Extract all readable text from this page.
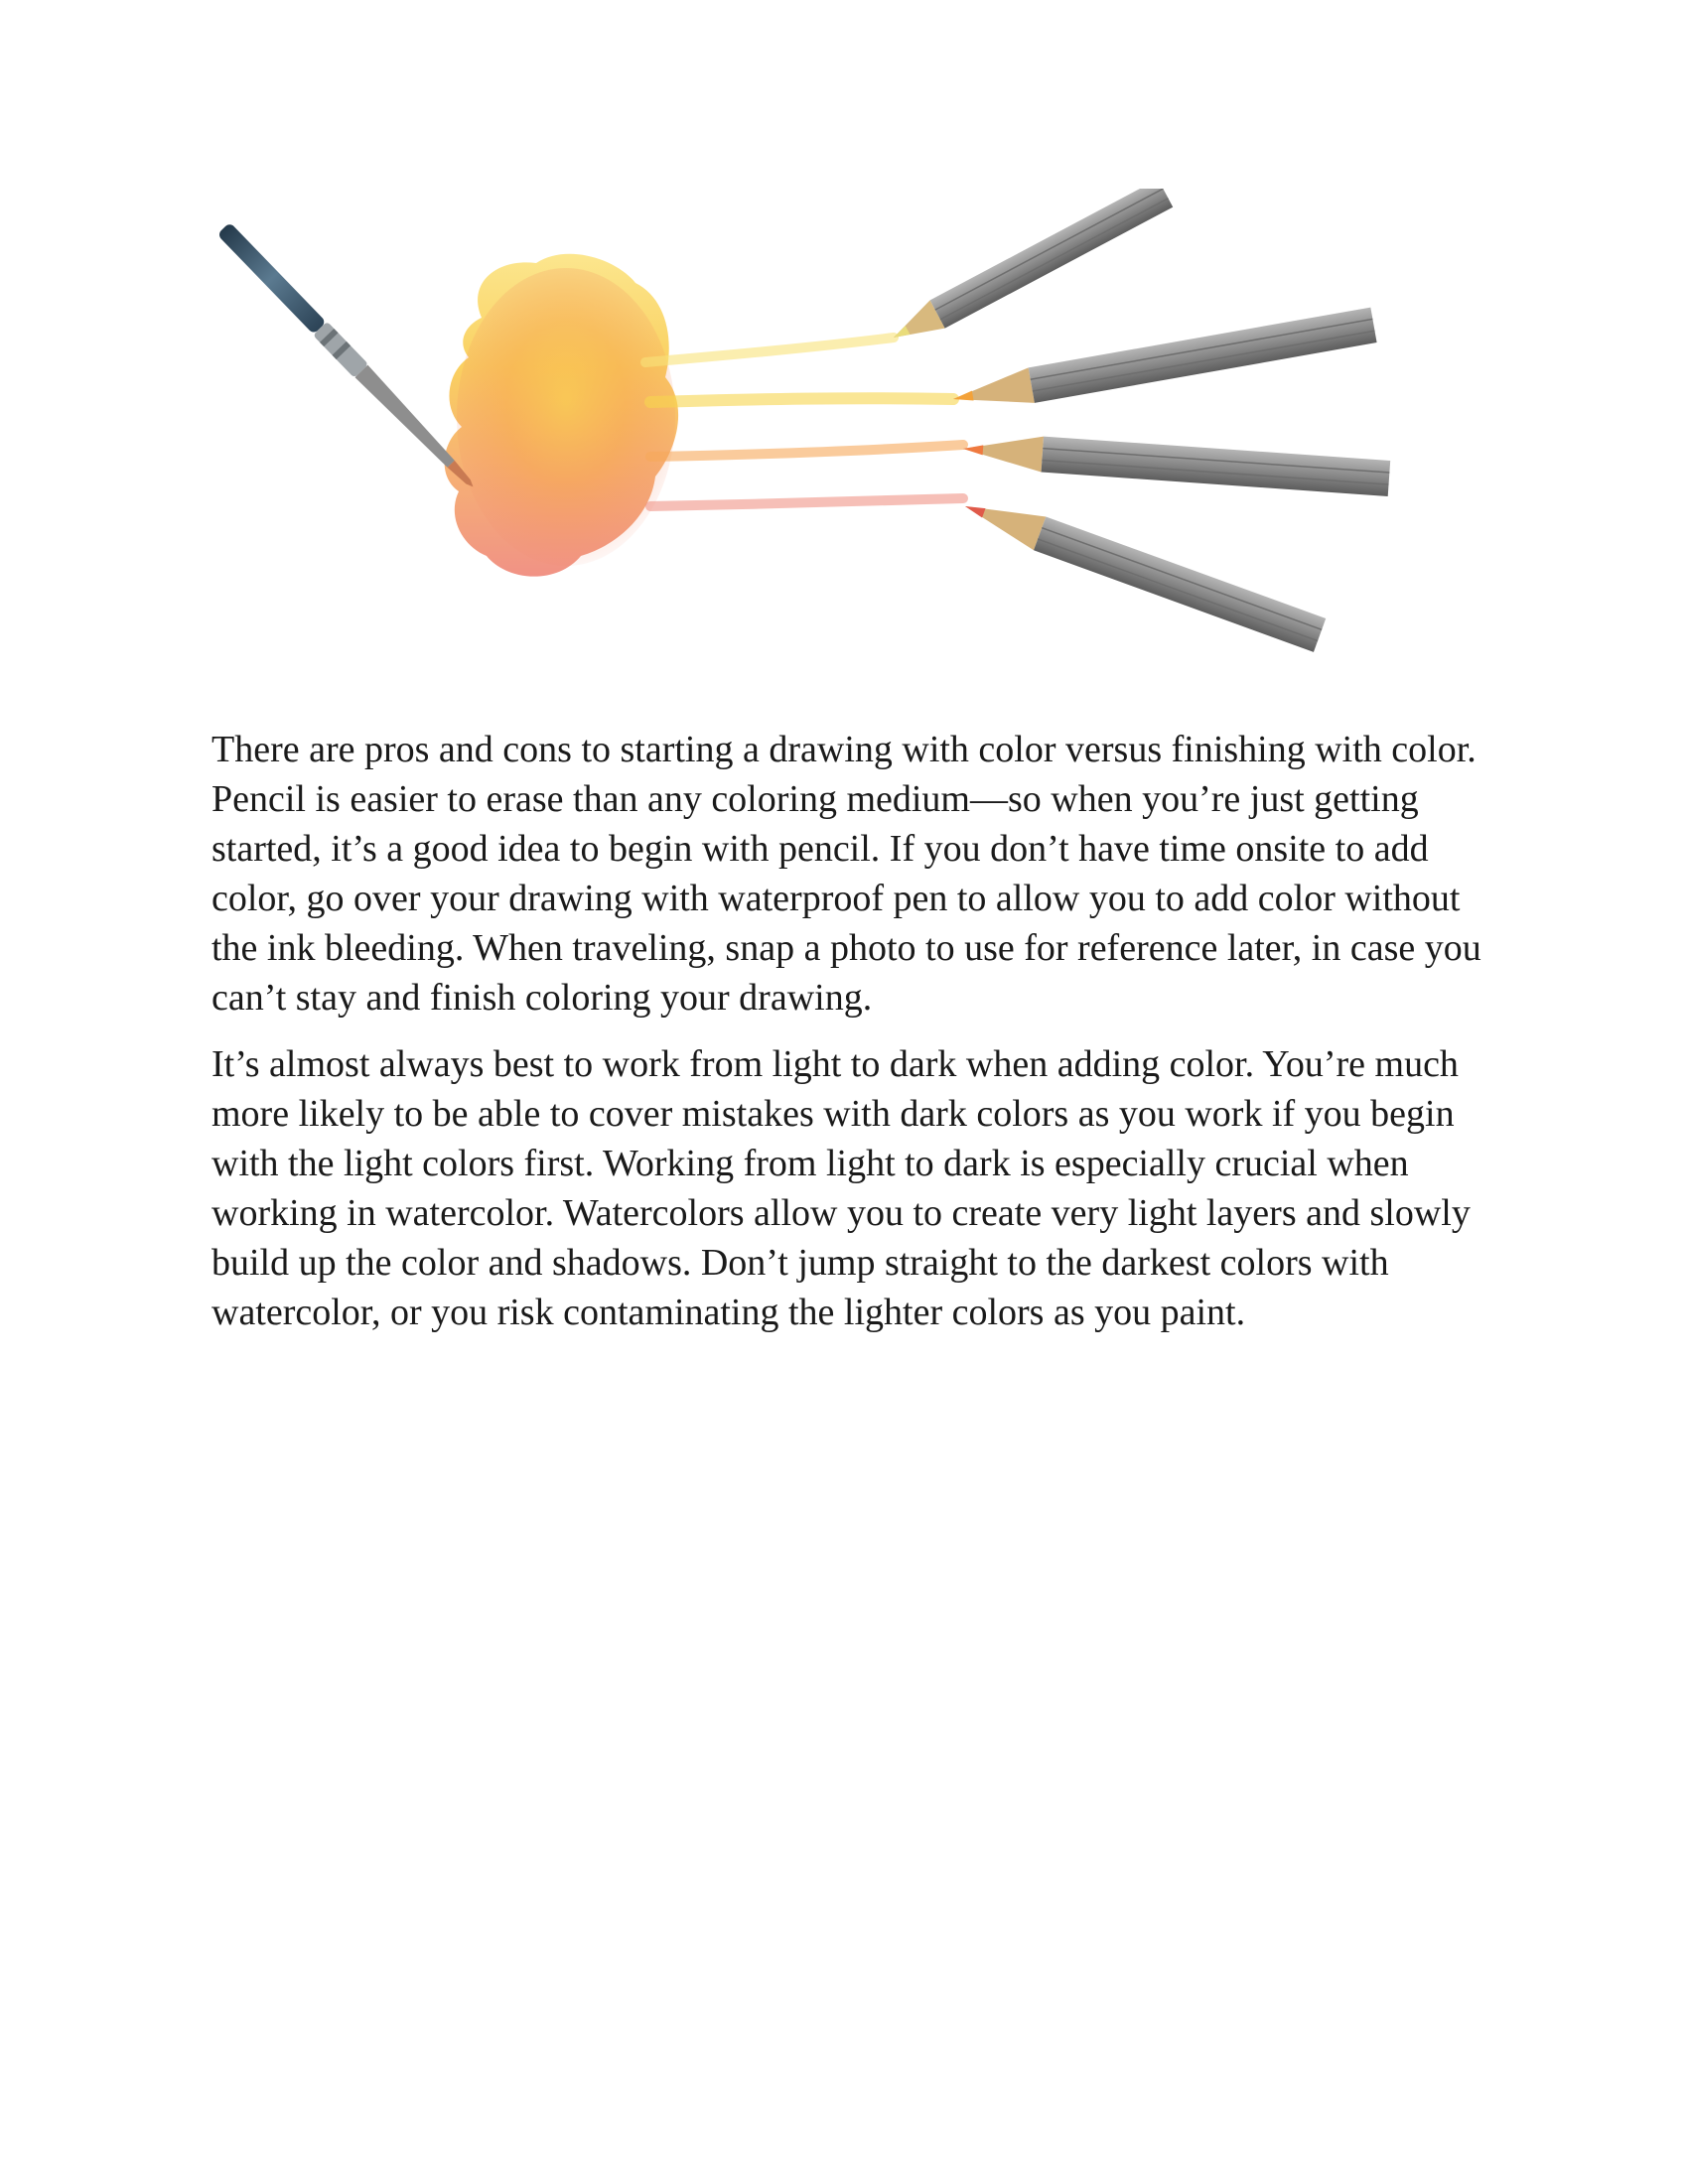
There are pros and cons to starting a drawing with color versus finishing with color. Pencil is easier to erase than any coloring medium—so when you’re just getting started, it’s a good idea to begin with pencil. If you don’t have time onsite to add color, go over your drawing with waterproof pen to allow you to add color without the ink bleeding. When traveling, snap a photo to use for reference later, in case you can’t stay and finish coloring your drawing.

It’s almost always best to work from light to dark when adding color. You’re much more likely to be able to cover mistakes with dark colors as you work if you begin with the light colors first. Working from light to dark is especially crucial when working in watercolor. Watercolors allow you to create very light layers and slowly build up the color and shadows. Don’t jump straight to the darkest colors with watercolor, or you risk contaminating the lighter colors as you paint.
